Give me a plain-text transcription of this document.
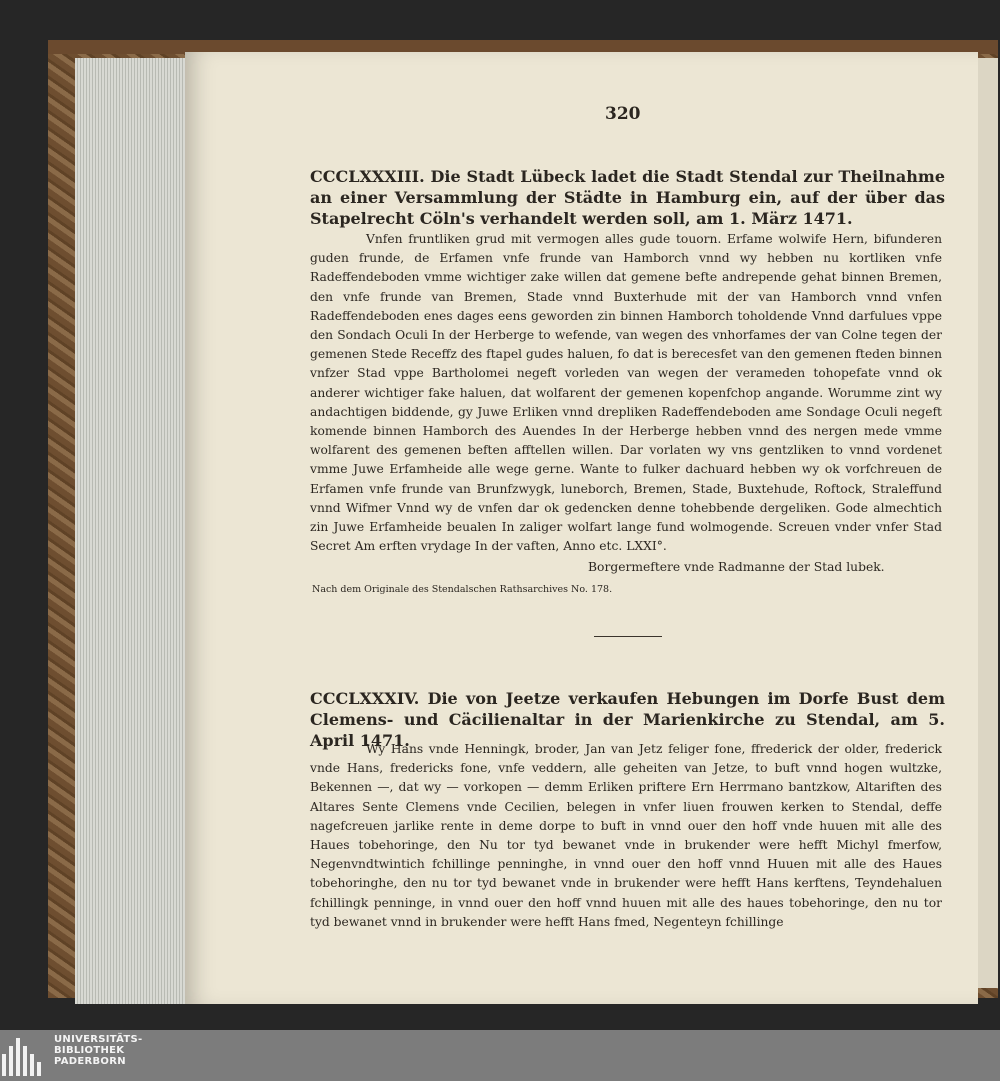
320
CCCLXXXIII. Die Stadt Lübeck ladet die Stadt Stendal zur Theilnahme an einer Versammlung der Städte in Hamburg ein, auf der über das Stapelrecht Cöln's verhandelt werden soll, am 1. März 1471.

Vnfen fruntliken grud mit vermogen alles gude touorn. Erfame wolwife Hern, bifunderen guden frunde, de Erfamen vnfe frunde van Hamborch vnnd wy hebben nu kortliken vnfe Radeffendeboden vmme wichtiger zake willen dat gemene befte andrepende gehat binnen Bremen, den vnfe frunde van Bremen, Stade vnnd Buxterhude mit der van Hamborch vnnd vnfen Radeffendeboden enes dages eens geworden zin binnen Hamborch toholdende Vnnd darfulues vppe den Sondach Oculi In der Herberge to wefende, van wegen des vnhorfames der van Colne tegen der gemenen Stede Receffz des ftapel gudes haluen, fo dat is berecesfet van den gemenen fteden binnen vnfzer Stad vppe Bartholomei negeft vorleden van wegen der verameden tohopefate vnnd ok anderer wichtiger fake haluen, dat wolfarent der gemenen kopenfchop angande. Worumme zint wy andachtigen biddende, gy Juwe Erliken vnnd drepliken Radeffendeboden ame Sondage Oculi negeft komende binnen Hamborch des Auendes In der Herberge hebben vnnd des nergen mede vmme wolfarent des gemenen beften afftellen willen. Dar vorlaten wy vns gentzliken to vnnd vordenet vmme Juwe Erfamheide alle wege gerne. Wante to fulker dachuard hebben wy ok vorfchreuen de Erfamen vnfe frunde van Brunfzwygk, luneborch, Bremen, Stade, Buxtehude, Roftock, Straleffund vnnd Wifmer Vnnd wy de vnfen dar ok gedencken denne tohebbende dergeliken. Gode almechtich zin Juwe Erfamheide beualen In zaliger wolfart lange fund wolmogende. Screuen vnder vnfer Stad Secret Am erften vrydage In der vaften, Anno etc. LXXI°.

Borgermeftere vnde Radmanne der Stad lubek.
Nach dem Originale des Stendalschen Rathsarchives No. 178.
CCCLXXXIV. Die von Jeetze verkaufen Hebungen im Dorfe Bust dem Clemens- und Cäcilienaltar in der Marienkirche zu Stendal, am 5. April 1471.

Wy Hans vnde Henningk, broder, Jan van Jetz feliger fone, ffrederick der older, frederick vnde Hans, fredericks fone, vnfe veddern, alle geheiten van Jetze, to buft vnnd hogen wultzke, Bekennen —, dat wy — vorkopen — demm Erliken priftere Ern Herrmano bantzkow, Altariften des Altares Sente Clemens vnde Cecilien, belegen in vnfer liuen frouwen kerken to Stendal, deffe nagefcreuen jarlike rente in deme dorpe to buft in vnnd ouer den hoff vnde huuen mit alle des Haues tobehoringe, den Nu tor tyd bewanet vnde in brukender were hefft Michyl fmerfow, Negenvndtwintich fchillinge penninghe, in vnnd ouer den hoff vnnd Huuen mit alle des Haues tobehoringhe, den nu tor tyd bewanet vnde in brukender were hefft Hans kerftens, Teyndehaluen fchillingk penninge, in vnnd ouer den hoff vnnd huuen mit alle des haues tobehoringe, den nu tor tyd bewanet vnnd in brukender were hefft Hans fmed, Negenteyn fchillinge

UNIVERSITÄTS-
BIBLIOTHEK
PADERBORN
